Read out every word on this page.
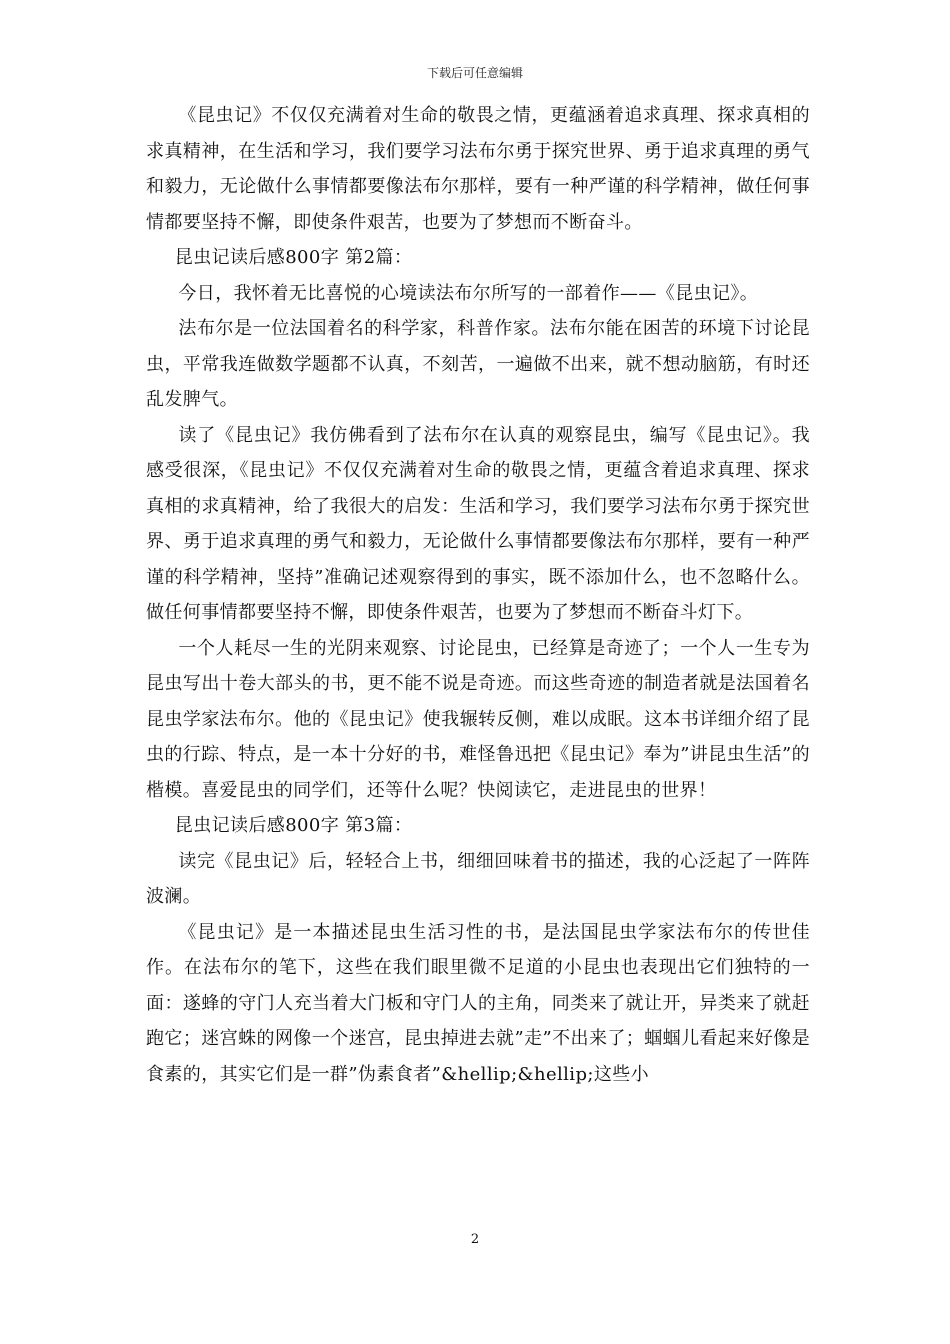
下载后可任意编辑

《昆虫记》不仅仅充满着对生命的敬畏之情，更蕴涵着追求真理、探求真相的求真精神，在生活和学习，我们要学习法布尔勇于探究世界、勇于追求真理的勇气和毅力，无论做什么事情都要像法布尔那样，要有一种严谨的科学精神，做任何事情都要坚持不懈，即使条件艰苦，也要为了梦想而不断奋斗。

昆虫记读后感800字 第2篇：

今日，我怀着无比喜悦的心境读法布尔所写的一部着作——《昆虫记》。

法布尔是一位法国着名的科学家，科普作家。法布尔能在困苦的环境下讨论昆虫，平常我连做数学题都不认真，不刻苦，一遍做不出来，就不想动脑筋，有时还乱发脾气。

读了《昆虫记》我仿佛看到了法布尔在认真的观察昆虫，编写《昆虫记》。我感受很深，《昆虫记》不仅仅充满着对生命的敬畏之情，更蕴含着追求真理、探求真相的求真精神，给了我很大的启发：生活和学习，我们要学习法布尔勇于探究世界、勇于追求真理的勇气和毅力，无论做什么事情都要像法布尔那样，要有一种严谨的科学精神，坚持”准确记述观察得到的事实，既不添加什么，也不忽略什么。做任何事情都要坚持不懈，即使条件艰苦，也要为了梦想而不断奋斗灯下。

一个人耗尽一生的光阴来观察、讨论昆虫，已经算是奇迹了；一个人一生专为昆虫写出十卷大部头的书，更不能不说是奇迹。而这些奇迹的制造者就是法国着名昆虫学家法布尔。他的《昆虫记》使我辗转反侧，难以成眠。这本书详细介绍了昆虫的行踪、特点，是一本十分好的书，难怪鲁迅把《昆虫记》奉为”讲昆虫生活”的楷模。喜爱昆虫的同学们，还等什么呢？快阅读它，走进昆虫的世界！

昆虫记读后感800字 第3篇：

读完《昆虫记》后，轻轻合上书，细细回味着书的描述，我的心泛起了一阵阵波澜。

《昆虫记》是一本描述昆虫生活习性的书，是法国昆虫学家法布尔的传世佳作。在法布尔的笔下，这些在我们眼里微不足道的小昆虫也表现出它们独特的一面：遂蜂的守门人充当着大门板和守门人的主角，同类来了就让开，异类来了就赶跑它；迷宫蛛的网像一个迷宫，昆虫掉进去就”走”不出来了；蝈蝈儿看起来好像是食素的，其实它们是一群”伪素食者”&hellip;&hellip;这些小

2
